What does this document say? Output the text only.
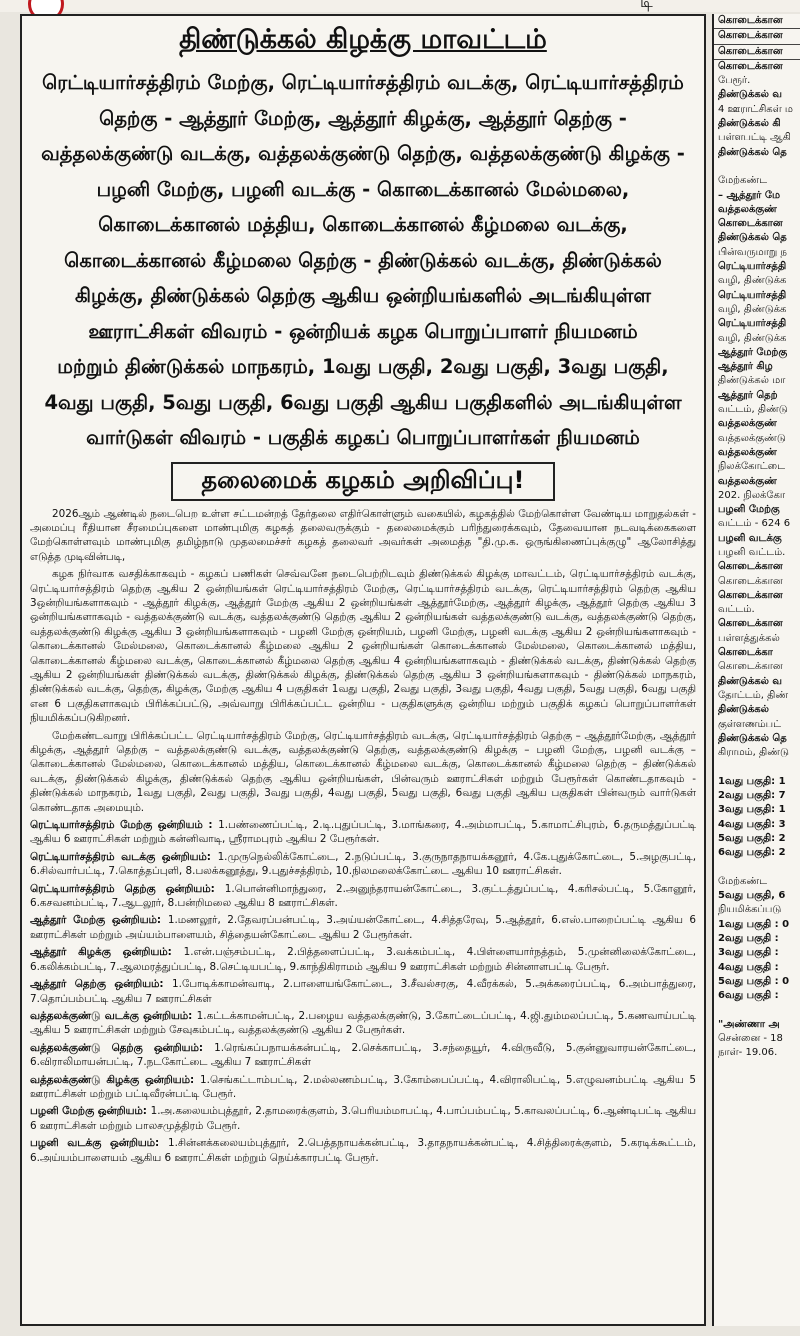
டி
திண்டுக்கல் கிழக்கு மாவட்டம்
ரெட்டியார்சத்திரம் மேற்கு, ரெட்டியார்சத்திரம் வடக்கு, ரெட்டியார்சத்திரம் தெற்கு - ஆத்தூர் மேற்கு, ஆத்தூர் கிழக்கு, ஆத்தூர் தெற்கு - வத்தலக்குண்டு வடக்கு, வத்தலக்குண்டு தெற்கு, வத்தலக்குண்டு கிழக்கு - பழனி மேற்கு, பழனி வடக்கு - கொடைக்கானல் மேல்மலை, கொடைக்கானல் மத்திய, கொடைக்கானல் கீழ்மலை வடக்கு, கொடைக்கானல் கீழ்மலை தெற்கு - திண்டுக்கல் வடக்கு, திண்டுக்கல் கிழக்கு, திண்டுக்கல் தெற்கு ஆகிய ஒன்றியங்களில் அடங்கியுள்ள ஊராட்சிகள் விவரம் - ஒன்றியக் கழக பொறுப்பாளர் நியமனம்
மற்றும் திண்டுக்கல் மாநகரம், 1வது பகுதி, 2வது பகுதி, 3வது பகுதி, 4வது பகுதி, 5வது பகுதி, 6வது பகுதி ஆகிய பகுதிகளில் அடங்கியுள்ள வார்டுகள் விவரம் - பகுதிக் கழகப் பொறுப்பாளர்கள் நியமனம்
தலைமைக் கழகம் அறிவிப்பு!

2026ஆம் ஆண்டில் நடைபெற உள்ள சட்டமன்றத் தேர்தலை எதிர்கொள்ளும் வகையில், கழகத்தில் மேற்கொள்ள வேண்டிய மாறுதல்கள் - அமைப்பு ரீதியான சீரமைப்புகளை மாண்புமிகு கழகத் தலைவருக்கும் - தலைமைக்கும் பரிந்துரைக்கவும், தேவையான நடவடிக்கைகளை மேற்கொள்ளவும் மாண்புமிகு தமிழ்நாடு முதலமைச்சர் கழகத் தலைவர் அவர்கள் அமைத்த "தி.மு.க. ஒருங்கிணைப்புக்குழு" ஆலோசித்து எடுத்த முடிவின்படி,

கழக நிர்வாக வசதிக்காகவும் - கழகப் பணிகள் செவ்வனே நடைபெற்றிடவும் திண்டுக்கல் கிழக்கு மாவட்டம், ரெட்டியார்சத்திரம் வடக்கு, ரெட்டியார்சத்திரம் தெற்கு ஆகிய 2 ஒன்றியங்கள் ரெட்டியார்சத்திரம் மேற்கு, ரெட்டியார்சத்திரம் வடக்கு, ரெட்டியார்சத்திரம் தெற்கு ஆகிய 3ஒன்றியங்களாகவும் - ஆத்தூர் கிழக்கு, ஆத்தூர் மேற்கு ஆகிய 2 ஒன்றியங்கள் ஆத்தூர்மேற்கு, ஆத்தூர் கிழக்கு, ஆத்தூர் தெற்கு ஆகிய 3 ஒன்றியங்களாகவும் - வத்தலக்குண்டு வடக்கு, வத்தலக்குண்டு தெற்கு ஆகிய 2 ஒன்றியங்கள் வத்தலக்குண்டு வடக்கு, வத்தலக்குண்டு தெற்கு, வத்தலக்குண்டு கிழக்கு ஆகிய 3 ஒன்றியங்களாகவும் - பழனி மேற்கு ஒன்றியம், பழனி மேற்கு, பழனி வடக்கு ஆகிய 2 ஒன்றியங்களாகவும் - கொடைக்கானல் மேல்மலை, கொடைக்கானல் கீழ்மலை ஆகிய 2 ஒன்றியங்கள் கொடைக்கானல் மேல்மலை, கொடைக்கானல் மத்திய, கொடைக்கானல் கீழ்மலை வடக்கு, கொடைக்கானல் கீழ்மலை தெற்கு ஆகிய 4 ஒன்றியங்களாகவும் - திண்டுக்கல் வடக்கு, திண்டுக்கல் தெற்கு ஆகிய 2 ஒன்றியங்கள் திண்டுக்கல் வடக்கு, திண்டுக்கல் கிழக்கு, திண்டுக்கல் தெற்கு ஆகிய 3 ஒன்றியங்களாகவும் - திண்டுக்கல் மாநகரம், திண்டுக்கல் வடக்கு, தெற்கு, கிழக்கு, மேற்கு ஆகிய 4 பகுதிகள் 1வது பகுதி, 2வது பகுதி, 3வது பகுதி, 4வது பகுதி, 5வது பகுதி, 6வது பகுதி என 6 பகுதிகளாகவும் பிரிக்கப்பட்டு, அவ்வாறு பிரிக்கப்பட்ட ஒன்றிய - பகுதிகளுக்கு ஒன்றிய மற்றும் பகுதிக் கழகப் பொறுப்பாளர்கள் நியமிக்கப்படுகிறனர்.

மேற்கண்டவாறு பிரிக்கப்பட்ட ரெட்டியார்சத்திரம் மேற்கு, ரெட்டியார்சத்திரம் வடக்கு, ரெட்டியார்சத்திரம் தெற்கு – ஆத்தூர்மேற்கு, ஆத்தூர் கிழக்கு, ஆத்தூர் தெற்கு – வத்தலக்குண்டு வடக்கு, வத்தலக்குண்டு தெற்கு, வத்தலக்குண்டு கிழக்கு – பழனி மேற்கு, பழனி வடக்கு – கொடைக்கானல் மேல்மலை, கொடைக்கானல் மத்திய, கொடைக்கானல் கீழ்மலை வடக்கு, கொடைக்கானல் கீழ்மலை தெற்கு – திண்டுக்கல் வடக்கு, திண்டுக்கல் கிழக்கு, திண்டுக்கல் தெற்கு ஆகிய ஒன்றியங்கள், பின்வரும் ஊராட்சிகள் மற்றும் பேரூர்கள் கொண்டதாகவும் - திண்டுக்கல் மாநகரம், 1வது பகுதி, 2வது பகுதி, 3வது பகுதி, 4வது பகுதி, 5வது பகுதி, 6வது பகுதி ஆகிய பகுதிகள் பின்வரும் வார்டுகள் கொண்டதாக அமையும்.

ரெட்டியார்சத்திரம் மேற்கு ஒன்றியம் : 1.பண்ணைப்பட்டி, 2.டி.புதுப்பட்டி, 3.மாங்கரை, 4.அம்மாபட்டி, 5.காமாட்சிபுரம், 6.தருமத்துப்பட்டி ஆகிய 6 ஊராட்சிகள் மற்றும் கன்னிவாடி, ஸ்ரீராமபுரம் ஆகிய 2 பேரூர்கள்.

ரெட்டியார்சத்திரம் வடக்கு ஒன்றியம்: 1.முருநெல்லிக்கோட்டை, 2.நடுப்பட்டி, 3.குருநாதநாயக்கனூர், 4.கே.புதுக்கோட்டை, 5.அழகுபட்டி, 6.சில்வார்பட்டி, 7.கொத்தப்புளி, 8.பலக்கனூத்து, 9.புதுச்சத்திரம், 10.நிலமலைக்கோட்டை ஆகிய 10 ஊராட்சிகள்.

ரெட்டியார்சத்திரம் தெற்கு ஒன்றியம்: 1.பொன்னிமாந்துரை, 2.அனுந்தராயன்கோட்டை, 3.குட்டத்துப்பட்டி, 4.கரிசல்பட்டி, 5.கோனூர், 6.கசவனம்பட்டி, 7.ஆடலூர், 8.பன்றிமலை ஆகிய 8 ஊராட்சிகள்.

ஆத்தூர் மேற்கு ஒன்றியம்: 1.மணலூர், 2.தேவரப்பன்பட்டி, 3.அய்யன்கோட்டை, 4.சித்தரேவு, 5.ஆத்தூர், 6.எஸ்.பாறைப்பட்டி ஆகிய 6 ஊராட்சிகள் மற்றும் அய்யம்பாளையம், சித்தையன்கோட்டை ஆகிய 2 பேரூர்கள்.

ஆத்தூர் கிழக்கு ஒன்றியம்: 1.என்.பஞ்சம்பட்டி, 2.பித்தளைப்பட்டி, 3.வக்கம்பட்டி, 4.பிள்ளையார்நத்தம், 5.முன்னிலைக்கோட்டை, 6.கலிக்கம்பட்டி, 7.ஆலமரத்துப்பட்டி, 8.செட்டியபட்டி, 9.காந்திகிராமம் ஆகிய 9 ஊராட்சிகள் மற்றும் சின்னாளபட்டி பேரூர்.

ஆத்தூர் தெற்கு ஒன்றியம்: 1.போடிக்காமன்வாடி, 2.பாளையங்கோட்டை, 3.சீவல்சரகு, 4.வீரக்கல், 5.அக்கரைப்பட்டி, 6.அம்பாத்துரை, 7.தொப்பம்பட்டி ஆகிய 7 ஊராட்சிகள்

வத்தலக்குண்டு வடக்கு ஒன்றியம்: 1.கட்டக்காமன்பட்டி, 2.பழைய வத்தலக்குண்டு, 3.கோட்டைப்பட்டி, 4.ஜி.தும்மலப்பட்டி, 5.கணவாய்பட்டி ஆகிய 5 ஊராட்சிகள் மற்றும் சேவுகம்பட்டி, வத்தலக்குண்டு ஆகிய 2 பேரூர்கள்.

வத்தலக்குண்டு தெற்கு ஒன்றியம்: 1.ரெங்கப்பநாயக்கன்பட்டி, 2.செக்காபட்டி, 3.சந்தையூர், 4.விருவீடு, 5.குன்னுவாரயன்கோட்டை, 6.விராலிமாயன்பட்டி, 7.நடகோட்டை ஆகிய 7 ஊராட்சிகள்

வத்தலக்குண்டு கிழக்கு ஒன்றியம்: 1.செங்கட்டாம்பட்டி, 2.மல்லணம்பட்டி, 3.கோம்பைப்பட்டி, 4.விராலிபட்டி, 5.எழுவனம்பட்டி ஆகிய 5 ஊராட்சிகள் மற்றும் பட்டிவீரன்பட்டி பேரூர்.

பழனி மேற்கு ஒன்றியம்: 1.அ.கலையம்புத்தூர், 2.தாமரைக்குளம், 3.பெரியம்மாபட்டி, 4.பாப்பம்பட்டி, 5.காவலப்பட்டி, 6.ஆண்டிபட்டி ஆகிய 6 ஊராட்சிகள் மற்றும் பாலசமுத்திரம் பேரூர்.

பழனி வடக்கு ஒன்றியம்: 1.சின்னக்கலையம்புத்தூர், 2.பெத்தநாயக்கன்பட்டி, 3.தாதநாயக்கன்பட்டி, 4.சித்திரைக்குளம், 5.கரடிக்கூட்டம், 6.அய்யம்பாளையம் ஆகிய 6 ஊராட்சிகள் மற்றும் நெய்க்காரபட்டி பேரூர்.

கொடைக்கான
கொடைக்கான
கொடைக்கான
கொடைக்கான
பேரூர்.
திண்டுக்கல் வ
4 ஊராட்சிகள் ம
திண்டுக்கல் கி
பள்ளபட்டி ஆகி
திண்டுக்கல் தெ

மேற்கண்ட
– ஆத்தூர் மே
வத்தலக்குண்
கொடைக்கான
திண்டுக்கல் தெ
பின்வருமாறு ந
ரெட்டியார்சத்தி
வழி, திண்டுக்க
ரெட்டியார்சத்தி
வழி, திண்டுக்க
ரெட்டியார்சத்தி
வழி, திண்டுக்க
ஆத்தூர் மேற்கு
ஆத்தூர் கிழ
திண்டுக்கல் மா
ஆத்தூர் தெற்
வட்டம், திண்டு
வத்தலக்குண்
வத்தலக்குண்டு
வத்தலக்குண்
நிலக்கோட்டை
வத்தலக்குண்
202. நிலக்கோ
பழனி மேற்கு
வட்டம் - 624 6
பழனி வடக்கு
பழனி வட்டம்.
கொடைக்கான
கொடைக்கான
கொடைக்கான
வட்டம்.
கொடைக்கான
பள்ளத்துக்கல்
கொடைக்கா
கொடைக்கான
திண்டுக்கல் வ
தோட்டம், திண்
திண்டுக்கல்
குள்ளணம்பட்
திண்டுக்கல் தெ
கிராமம், திண்டு

1வது பகுதி: 1
2வது பகுதி: 7
3வது பகுதி: 1
4வது பகுதி: 3
5வது பகுதி: 2
6வது பகுதி: 2

மேற்கண்ட
5வது பகுதி, 6
நியமிக்கப்படு
1வது பகுதி : 0
2வது பகுதி :
3வது பகுதி :
4வது பகுதி :
5வது பகுதி : 0
6வது பகுதி :

"அண்ணா அ
சென்னை - 18
நாள்- 19.06.
